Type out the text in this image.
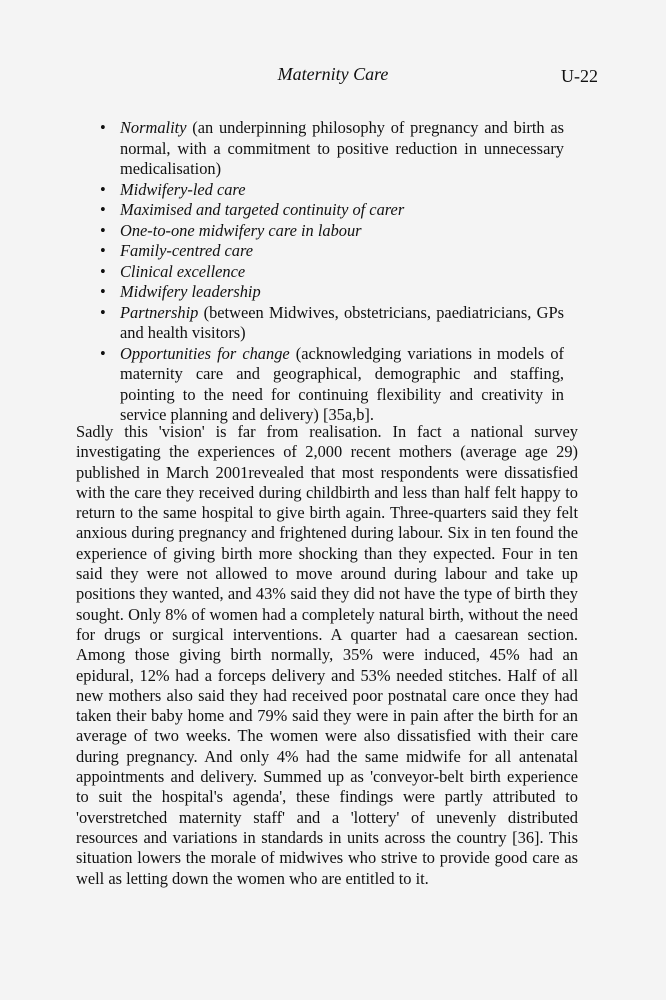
Maternity Care	U-22
• Normality (an underpinning philosophy of pregnancy and birth as normal, with a commitment to positive reduction in unnecessary medicalisation)
• Midwifery-led care
• Maximised and targeted continuity of carer
• One-to-one midwifery care in labour
• Family-centred care
• Clinical excellence
• Midwifery leadership
• Partnership (between Midwives, obstetricians, paediatricians, GPs and health visitors)
• Opportunities for change (acknowledging variations in models of maternity care and geographical, demographic and staffing, pointing to the need for continuing flexibility and creativity in service planning and delivery) [35a,b].

Sadly this 'vision' is far from realisation. In fact a national survey investigating the experiences of 2,000 recent mothers (average age 29) published in March 2001revealed that most respondents were dissatisfied with the care they received during childbirth and less than half felt happy to return to the same hospital to give birth again. Three-quarters said they felt anxious during pregnancy and frightened during labour. Six in ten found the experience of giving birth more shocking than they expected. Four in ten said they were not allowed to move around during labour and take up positions they wanted, and 43% said they did not have the type of birth they sought. Only 8% of women had a completely natural birth, without the need for drugs or surgical interventions. A quarter had a caesarean section. Among those giving birth normally, 35% were induced, 45% had an epidural, 12% had a forceps delivery and 53% needed stitches. Half of all new mothers also said they had received poor postnatal care once they had taken their baby home and 79% said they were in pain after the birth for an average of two weeks. The women were also dissatisfied with their care during pregnancy. And only 4% had the same midwife for all antenatal appointments and delivery. Summed up as 'conveyor-belt birth experience to suit the hospital's agenda', these findings were partly attributed to 'overstretched maternity staff' and a 'lottery' of unevenly distributed resources and variations in standards in units across the country [36]. This situation lowers the morale of midwives who strive to provide good care as well as letting down the women who are entitled to it.
